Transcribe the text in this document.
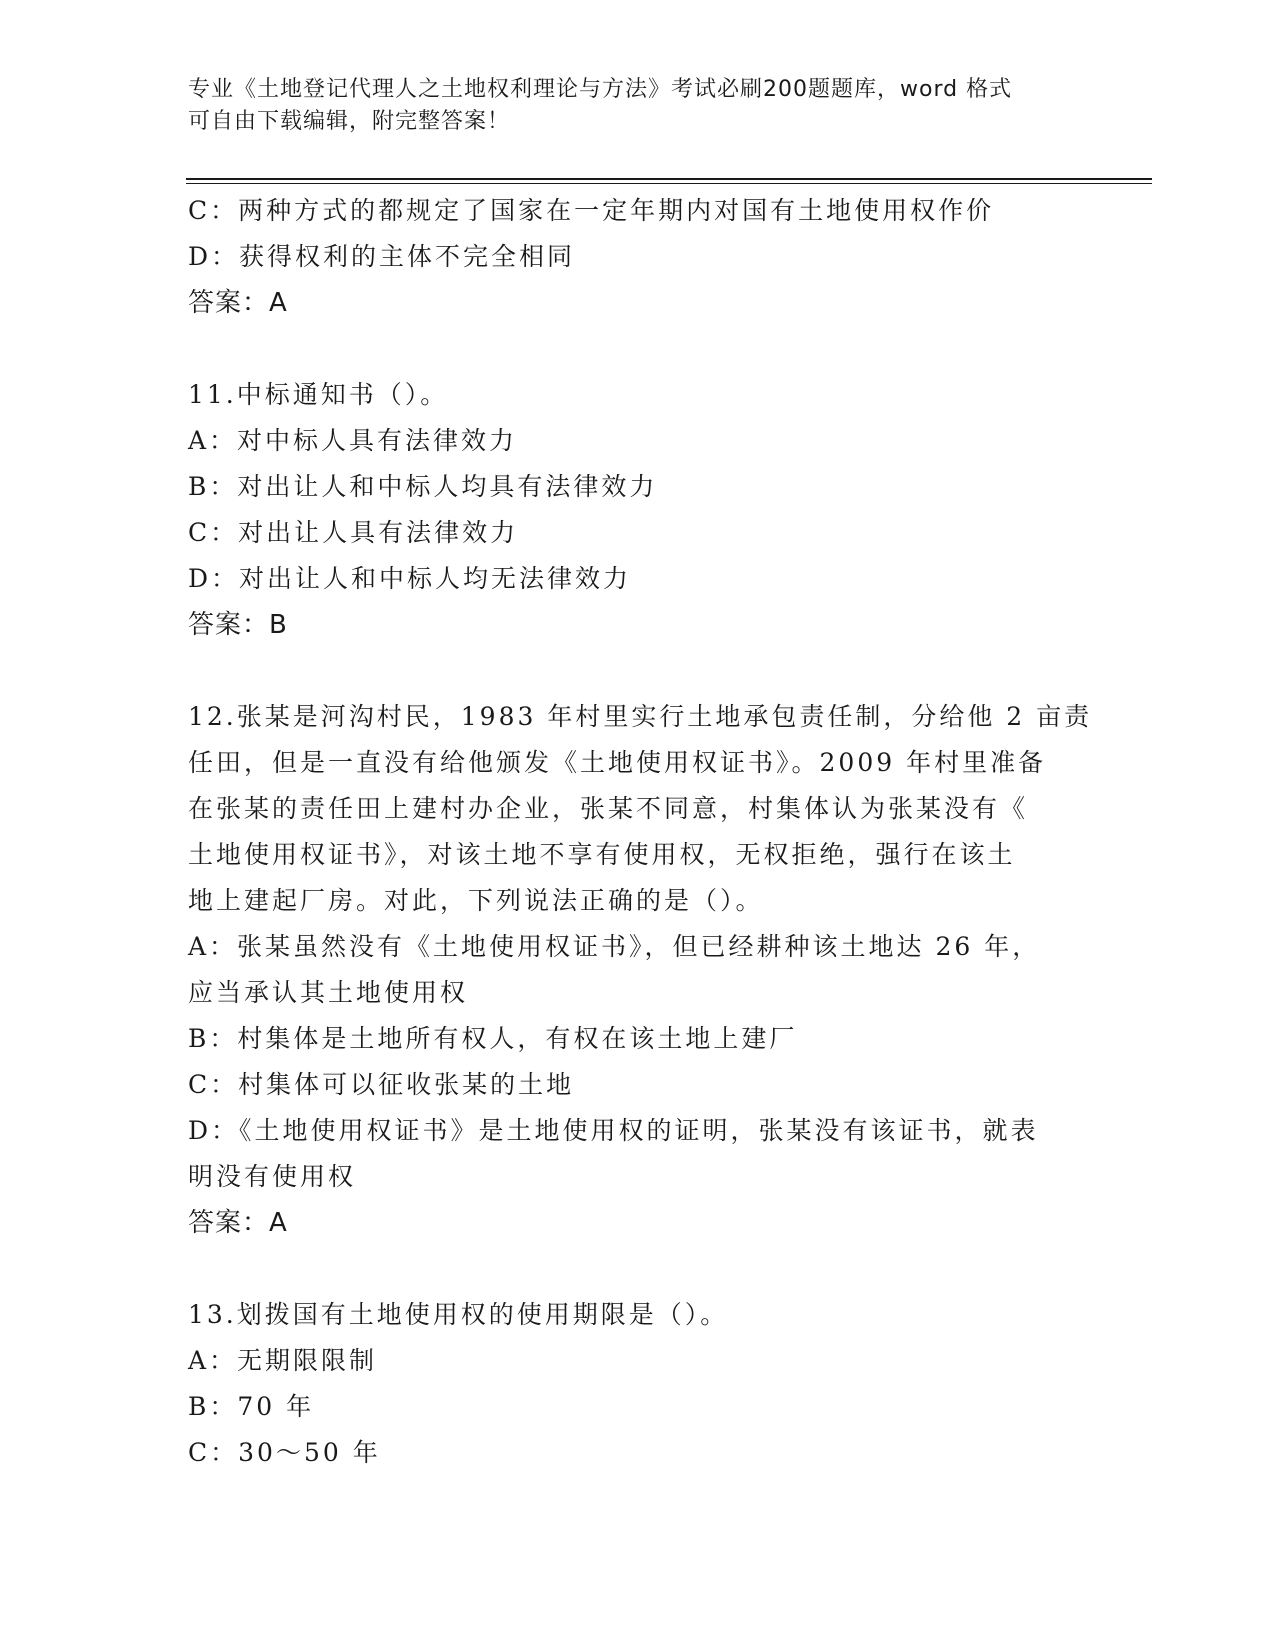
专业《土地登记代理人之土地权利理论与方法》考试必刷200题题库，word 格式
可自由下载编辑，附完整答案！
C：两种方式的都规定了国家在一定年期内对国有土地使用权作价
D：获得权利的主体不完全相同
答案：A
11.中标通知书（）。
A：对中标人具有法律效力
B：对出让人和中标人均具有法律效力
C：对出让人具有法律效力
D：对出让人和中标人均无法律效力
答案：B
12.张某是河沟村民，1983 年村里实行土地承包责任制，分给他 2 亩责
任田，但是一直没有给他颁发《土地使用权证书》。2009 年村里准备
在张某的责任田上建村办企业，张某不同意，村集体认为张某没有《
土地使用权证书》，对该土地不享有使用权，无权拒绝，强行在该土
地上建起厂房。对此，下列说法正确的是（）。
A：张某虽然没有《土地使用权证书》，但已经耕种该土地达 26 年，
应当承认其土地使用权
B：村集体是土地所有权人，有权在该土地上建厂
C：村集体可以征收张某的土地
D：《土地使用权证书》是土地使用权的证明，张某没有该证书，就表
明没有使用权
答案：A
13.划拨国有土地使用权的使用期限是（）。
A：无期限限制
B：70 年
C：30～50 年
